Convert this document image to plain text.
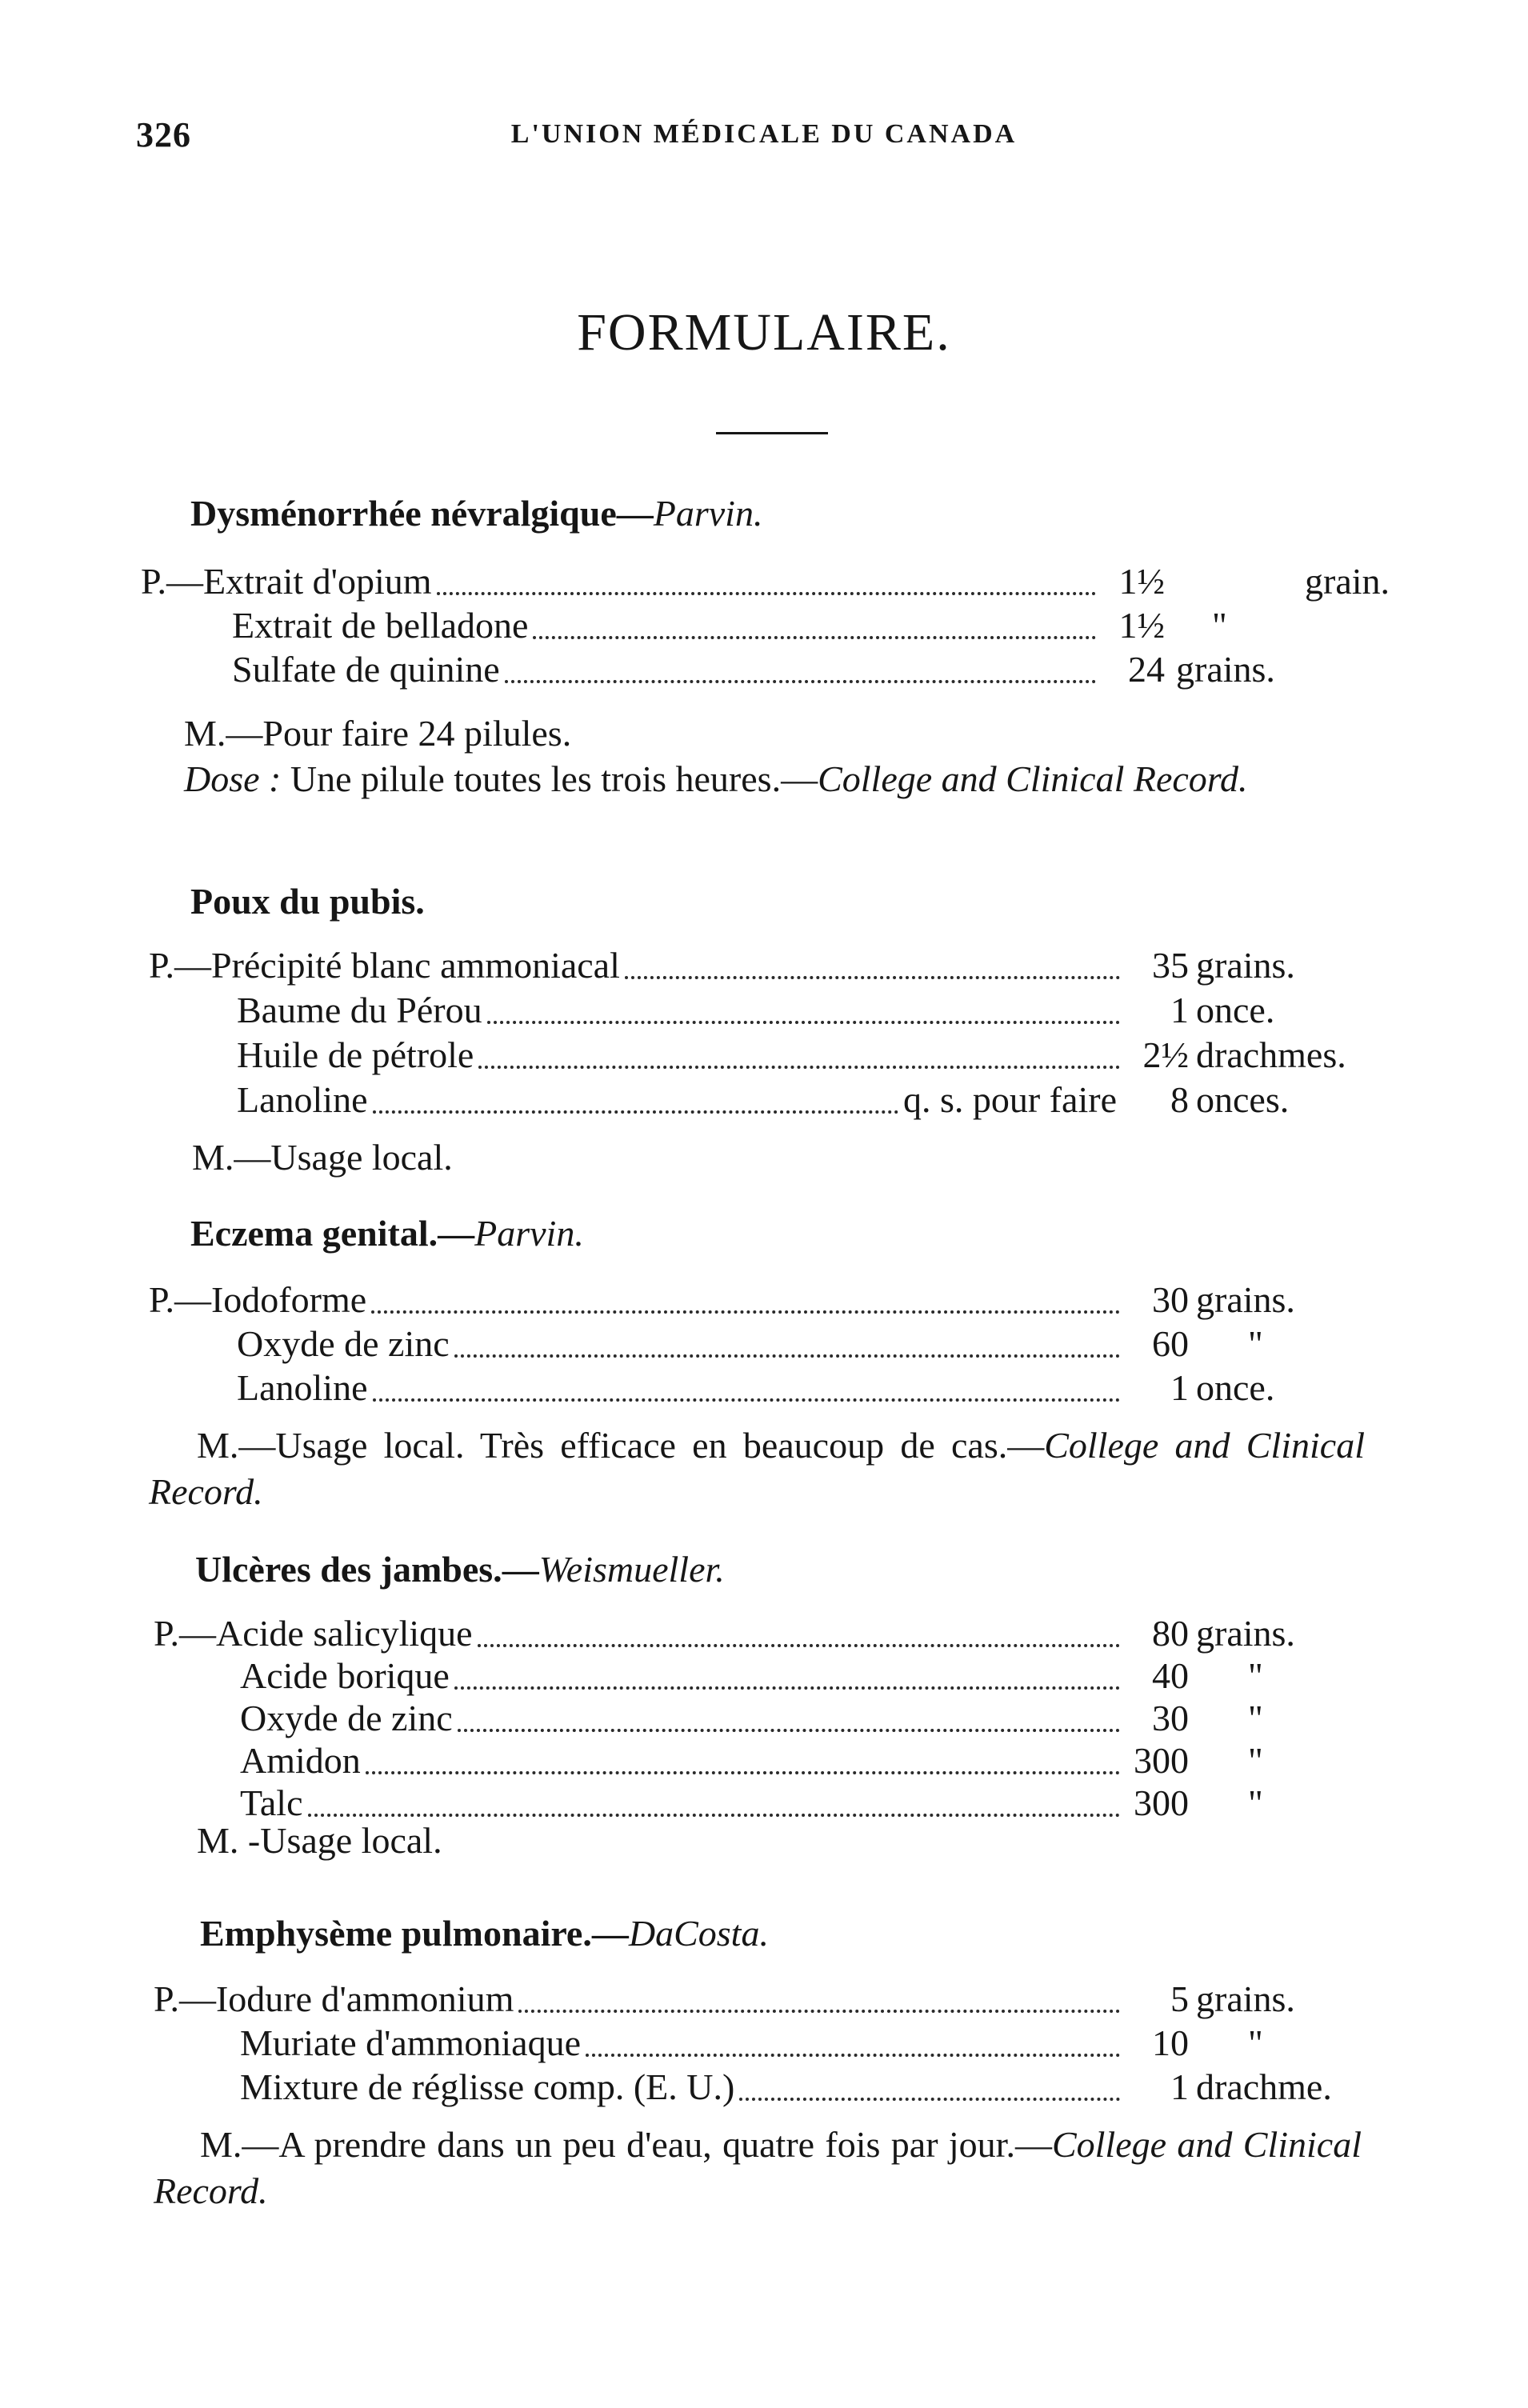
326	L'UNION MÉDICALE DU CANADA
FORMULAIRE.
Dysménorrhée névralgique—Parvin.
P.— Extrait d'opium	1½	grain.
Extrait de belladone	1½ "
Sulfate de quinine	24 grains.
M.—Pour faire 24 pilules.
Dose : Une pilule toutes les trois heures.—College and Clinical Record.
Poux du pubis.
P.— Précipité blanc ammoniacal	35 grains.
Baume du Pérou	1 once.
Huile de pétrole	2½ drachmes.
Lanoline	q. s. pour faire	8 onces.
M.—Usage local.
Eczema genital.—Parvin.
P.— Iodoforme	30 grains.
Oxyde de zinc	60 "
Lanoline	1 once.
M.—Usage local. Très efficace en beaucoup de cas.—College and Clinical Record.
Ulcères des jambes.—Weismueller.
P.— Acide salicylique	80 grains.
Acide borique	40 "
Oxyde de zinc	30 "
Amidon	300 "
Talc	300 "
M. -Usage local.
Emphysème pulmonaire.—DaCosta.
P.— Iodure d'ammonium	5 grains.
Muriate d'ammoniaque	10 "
Mixture de réglisse comp. (E. U.)	1 drachme.
M.—A prendre dans un peu d'eau, quatre fois par jour.—College and Clinical Record.
